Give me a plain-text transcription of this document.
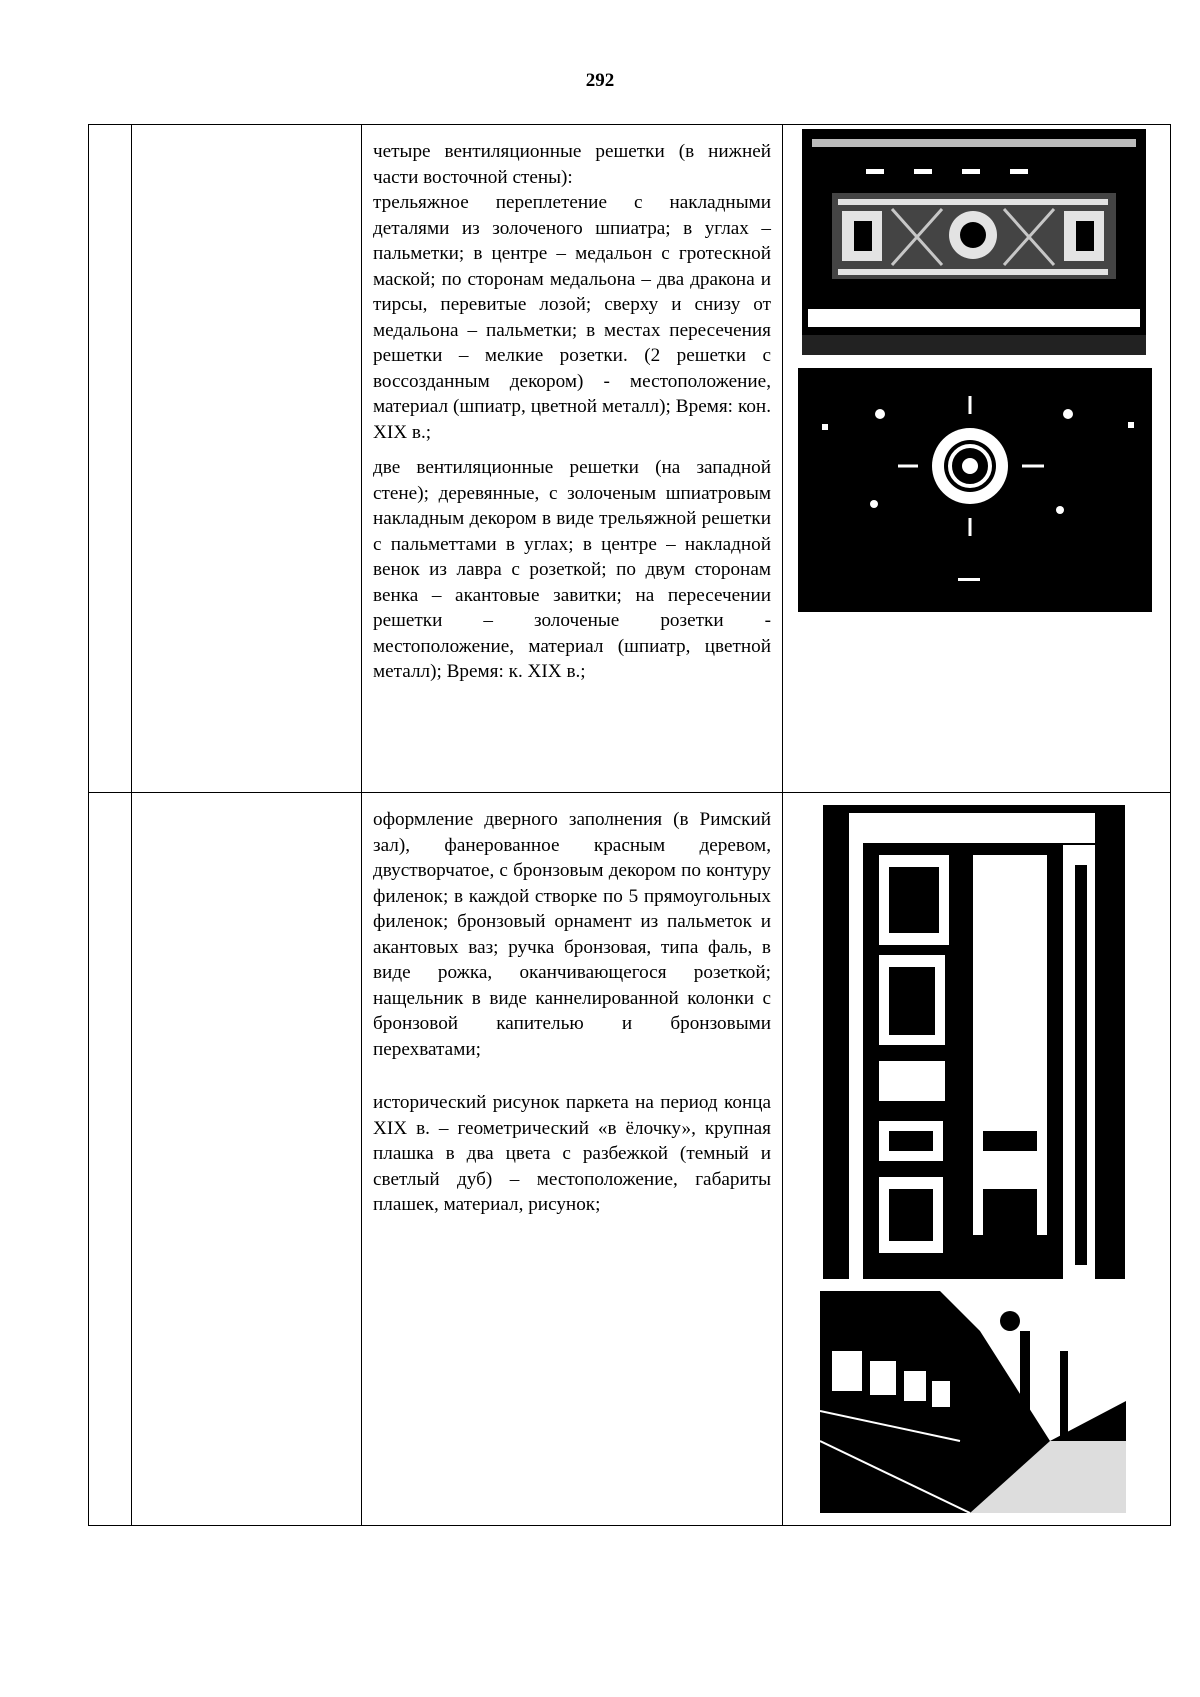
292

		четыре вентиляционные решетки (в нижней части восточной стены):

трельяжное переплетение с накладными деталями из золоченого шпиатра; в углах – пальметки; в центре – медальон с гротескной маской; по сторонам медальона – два дракона и тирсы, перевитые лозой; сверху и снизу от медальона – пальметки; в местах пересечения решетки – мелкие розетки. (2 решетки с воссозданным декором) - местоположение, материал (шпиатр, цветной металл); Время: кон. XIX в.;

две вентиляционные решетки (на западной стене); деревянные, с золоченым шпиатровым накладным декором в виде трельяжной решетки с пальметтами в углах; в центре – накладной венок из лавра с розеткой; по двум сторонам венка – акантовые завитки; на пересечении решетки – золоченые розетки - местоположение, материал (шпиатр, цветной металл); Время: к. XIX в.;

		оформление дверного заполнения (в Римский зал), фанерованное красным деревом, двустворчатое, с бронзовым декором по контуру филенок; в каждой створке по 5 прямоугольных филенок; бронзовый орнамент из пальметок и акантовых ваз; ручка бронзовая, типа фаль, в виде рожка, оканчивающегося розеткой; нащельник в виде каннелированной колонки с бронзовой капителью и бронзовыми перехватами;

исторический рисунок паркета на период конца XIX в. – геометрический «в ёлочку», крупная плашка в два цвета с разбежкой (темный и светлый дуб) – местоположение, габариты плашек, материал, рисунок;
